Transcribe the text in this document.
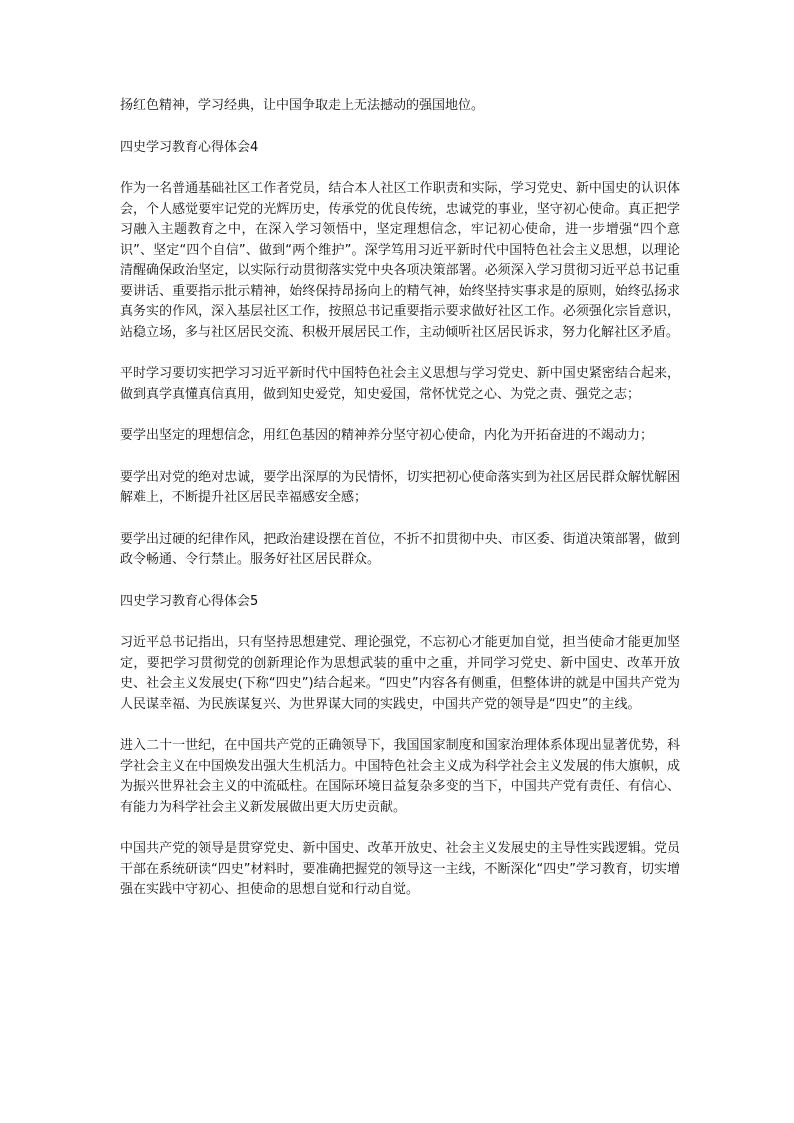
扬红色精神，学习经典，让中国争取走上无法撼动的强国地位。

四史学习教育心得体会4

作为一名普通基础社区工作者党员，结合本人社区工作职责和实际，学习党史、新中国史的认识体会，个人感觉要牢记党的光辉历史，传承党的优良传统，忠诚党的事业，坚守初心使命。真正把学习融入主题教育之中，在深入学习领悟中，坚定理想信念，牢记初心使命，进一步增强“四个意识”、坚定“四个自信”、做到“两个维护”。深学笃用习近平新时代中国特色社会主义思想，以理论清醒确保政治坚定，以实际行动贯彻落实党中央各项决策部署。必须深入学习贯彻习近平总书记重要讲话、重要指示批示精神，始终保持昂扬向上的精气神，始终坚持实事求是的原则，始终弘扬求真务实的作风，深入基层社区工作，按照总书记重要指示要求做好社区工作。必须强化宗旨意识，站稳立场，多与社区居民交流、积极开展居民工作，主动倾听社区居民诉求，努力化解社区矛盾。

平时学习要切实把学习习近平新时代中国特色社会主义思想与学习党史、新中国史紧密结合起来，做到真学真懂真信真用，做到知史爱党，知史爱国，常怀忧党之心、为党之责、强党之志；

要学出坚定的理想信念，用红色基因的精神养分坚守初心使命，内化为开拓奋进的不竭动力；

要学出对党的绝对忠诚，要学出深厚的为民情怀，切实把初心使命落实到为社区居民群众解忧解困解难上，不断提升社区居民幸福感安全感；

要学出过硬的纪律作风，把政治建设摆在首位，不折不扣贯彻中央、市区委、街道决策部署，做到政令畅通、令行禁止。服务好社区居民群众。

四史学习教育心得体会5

习近平总书记指出，只有坚持思想建党、理论强党，不忘初心才能更加自觉，担当使命才能更加坚定，要把学习贯彻党的创新理论作为思想武装的重中之重，并同学习党史、新中国史、改革开放史、社会主义发展史(下称“四史”)结合起来。“四史”内容各有侧重，但整体讲的就是中国共产党为人民谋幸福、为民族谋复兴、为世界谋大同的实践史，中国共产党的领导是“四史”的主线。

进入二十一世纪，在中国共产党的正确领导下，我国国家制度和国家治理体系体现出显著优势，科学社会主义在中国焕发出强大生机活力。中国特色社会主义成为科学社会主义发展的伟大旗帜，成为振兴世界社会主义的中流砥柱。在国际环境日益复杂多变的当下，中国共产党有责任、有信心、有能力为科学社会主义新发展做出更大历史贡献。

中国共产党的领导是贯穿党史、新中国史、改革开放史、社会主义发展史的主导性实践逻辑。党员干部在系统研读“四史”材料时，要准确把握党的领导这一主线，不断深化“四史”学习教育，切实增强在实践中守初心、担使命的思想自觉和行动自觉。
